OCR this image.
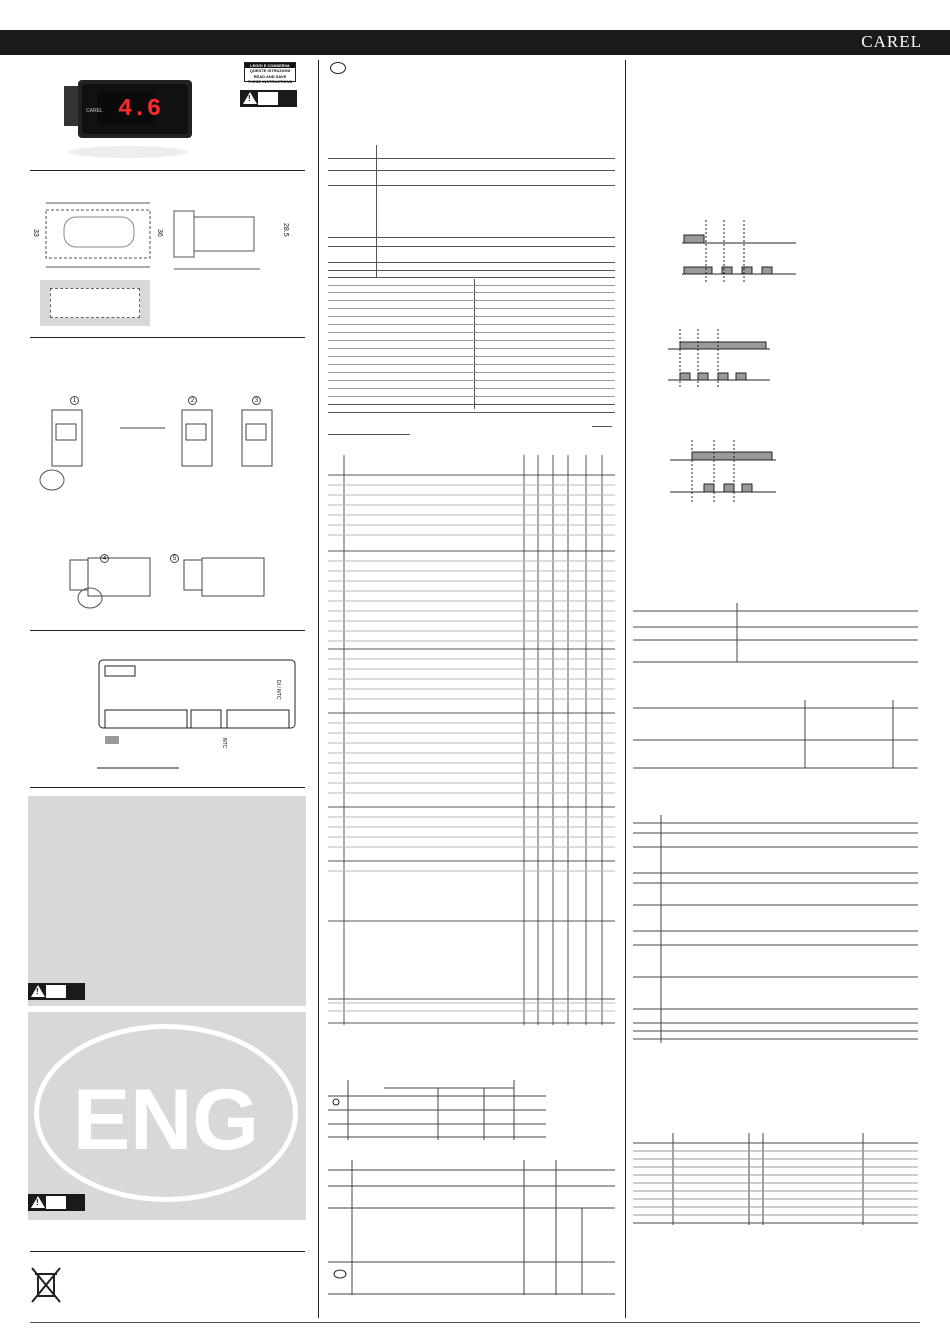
CAREL
4.6
CAREL
LEGGI E CONSERVA
QUESTE ISTRUZIONI
READ AND SAVE
THESE INSTRUCTIONS
!
33	36	28.5
1	2	3
4	5
NTC
DI / NTC
!
ENG
!
